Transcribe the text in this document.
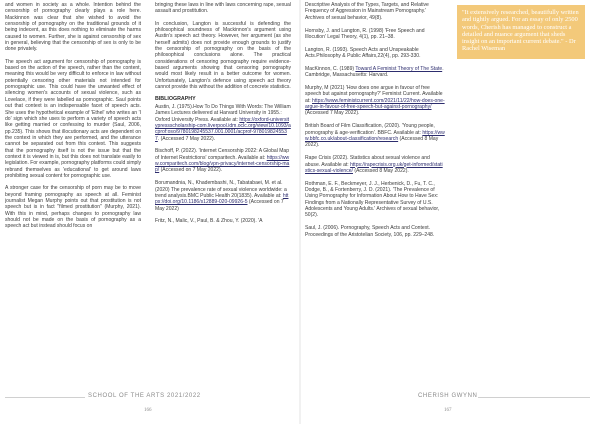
and women in society as a whole. Intention behind the censorship of pornography clearly plays a role here. Mackinnon was clear that she wished to avoid the censorship of pornography on the traditional grounds of it being indecent, as this does nothing to eliminate the harms caused to women. Further, she is against censorship of sex in general, believing that the censorship of sex is only to be done privately.

The speech act argument for censorship of pornography is based on the action of the speech, rather than the content, meaning this would be very difficult to enforce in law without potentially censoring other materials not intended for pornographic use. This could have the unwanted effect of silencing women's accounts of sexual violence, such as Lovelace, if they were labelled as pornographic. Saul points out that context is an indispensable facet of speech acts. She uses the hypothetical example of 'Ethel' who writes an 'I do' sign which she uses to perform a variety of speech acts like getting married or confessing to murder (Saul, 2006, pp.235). This shows that illocutionary acts are dependent on the context in which they are performed, and the utterance cannot be separated out from this context. This suggests that the pornography itself is not the issue but that the context it is viewed in is, but this does not translate easily to legislation. For example, pornography platforms could simply rebrand themselves as 'educational' to get around laws prohibiting sexual content for pornographic use.

A stronger case for the censorship of porn may be to move beyond framing pornography as speech at all. Feminist journalist Megan Murphy points out that prostitution is not speech but is in fact "filmed prostitution" (Murphy, 2021). With this in mind, perhaps changes to pornography law should not be made on the basis of pornography as a speech act but instead should focus on

bringing these laws in line with laws concerning rape, sexual assault and prostitution.

In conclusion, Langton is successful is defending the philosophical soundness of Mackinnon's argument using Austin's speech act theory. However, her argument (as she herself admits) does not provide enough grounds to justify the censorship of pornography on the basis of the philosophical conclusions alone. The practical considerations of censoring pornography require evidence-based arguments showing that censoring pornography would most likely result in a better outcome for women. Unfortunately, Langton's defence using speech act theory cannot provide this without the addition of concrete statistics.

BIBLIOGRAPHY
Austin, J. (1975).How To Do Things With Words: The William James Lectures delivered at Harvard University in 1955.: Oxford University Press. Available at: https://oxford-universitypressscholarship-com.liverpool.idm.oclc.org/view/10.1093/acprof:oso/9780198245537.001.0001/acprof-9780198245537. (Accessed 7 May 2022).
Bischoff, P. (2022). 'Internet Censorship 2022: A Global Map of Internet Restrictions' comparitech. Available at: https://www.comparitech.com/blog/vpn-privacy/internet-censorship-map/ (Accessed on 7 May 2022).
Borumandnia, N., Khadembashi, N., Tabatabaei, M. et al. (2020) The prevalence rate of sexual violence worldwide: a trend analysis.BMC Public Health 20(1835). Available at: https://doi.org/10.1186/s12889-020-09926-5 (Accessed on 7 May 2022)
Fritz, N., Malic, V., Paul, B. & Zhou, Y. (2020). 'A
SCHOOL OF THE ARTS 2021/2022
166
Descriptive Analysis of the Types, Targets, and Relative Frequency of Aggression in Mainstream Pornography.' Archives of sexual behavior, 49(8).
Hornsby, J. and Langton, R. (1998) 'Free Speech and Illocution' Legal Theory, 4(1), pp. 21–38.
Langton, R. (1993). Speech Acts and Unspeakable Acts.Philosophy & Public Affairs,22(4), pp. 293-330.
MacKinnon, C. (1989) Toward A Feminist Theory of The State. Cambridge, Massachusetts: Harvard.
Murphy, M (2021) 'How does one argue in favour of free speech but against pornography?' Feminist Current. Available at: https://www.feministcurrent.com/2021/11/22/how-does-one-argue-in-favour-of-free-speech-but-against-pornography/ (Accessed 7 May 2022).
British Board of Film Classification, (2020). 'Young people, pornography & age-verification'. BBFC. Available at: https://www.bbfc.co.uk/about-classification/research (Accessed 8 May 2022).
Rape Crisis (2022). Statistics about sexual violence and abuse. Available at: https://rapecrisis.org.uk/get-informed/statistics-sexual-violence/ (Accessed 8 May 2022).
Rothman, E. F., Beckmeyer, J. J., Herbenick, D., Fu, T. C., Dodge, B., & Fortenberry, J. D. (2021). 'The Prevalence of Using Pornography for Information About How to Have Sex: Findings from a Nationally Representative Survey of U.S. Adolescents and Young Adults.' Archives of sexual behavior, 50(2).
Saul, J. (2006). Pornography, Speech Acts and Context. Proceedings of the Aristotelian Society, 106, pp. 229–248.
"It extensively researched, beautifully written and tightly argued. For an essay of only 2500 words, Cherish has managed to construct a detailed and nuance argument that sheds insight on an important current debate." - Dr Rachel Wiseman
CHERISH GWYNN
167
